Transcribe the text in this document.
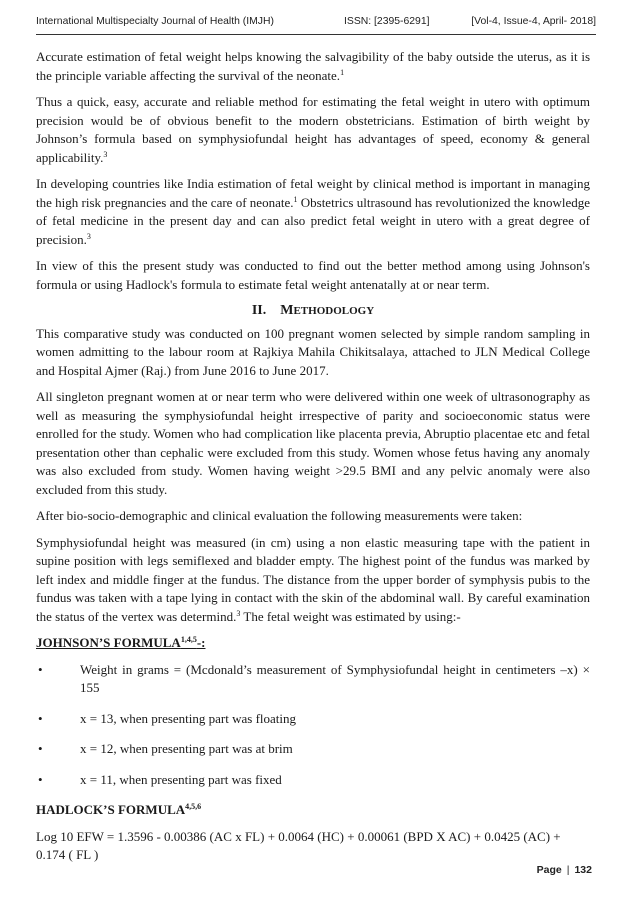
International Multispecialty Journal of Health (IMJH)	ISSN: [2395-6291]	[Vol-4, Issue-4, April- 2018]

Accurate estimation of fetal weight helps knowing the salvagibility of the baby outside the uterus, as it is the principle variable affecting the survival of the neonate.$^1$

Thus a quick, easy, accurate and reliable method for estimating the fetal weight in utero with optimum precision would be of obvious benefit to the modern obstetricians. Estimation of birth weight by Johnson’s formula based on symphysiofundal height has advantages of speed, economy & general applicability.$^3$

In developing countries like India estimation of fetal weight by clinical method is important in managing the high risk pregnancies and the care of neonate.$^1$ Obstetrics ultrasound has revolutionized the knowledge of fetal medicine in the present day and can also predict fetal weight in utero with a great degree of precision.$^3$

In view of this the present study was conducted to find out the better method among using Johnson's formula or using Hadlock's formula to estimate fetal weight antenatally at or near term.

II. METHODOLOGY

This comparative study was conducted on 100 pregnant women selected by simple random sampling in women admitting to the labour room at Rajkiya Mahila Chikitsalaya, attached to JLN Medical College and Hospital Ajmer (Raj.) from June 2016 to June 2017.

All singleton pregnant women at or near term who were delivered within one week of ultrasonography as well as measuring the symphysiofundal height irrespective of parity and socioeconomic status were enrolled for the study. Women who had complication like placenta previa, Abruptio placentae etc and fetal presentation other than cephalic were excluded from this study. Women whose fetus having any anomaly was also excluded from study. Women having weight >29.5 BMI and any pelvic anomaly were also excluded from this study.

After bio-socio-demographic and clinical evaluation the following measurements were taken:

Symphysiofundal height was measured (in cm) using a non elastic measuring tape with the patient in supine position with legs semiflexed and bladder empty. The highest point of the fundus was marked by left index and middle finger at the fundus. The distance from the upper border of symphysis pubis to the fundus was taken with a tape lying in contact with the skin of the abdominal wall. By careful examination the status of the vertex was determind.$^3$ The fetal weight was estimated by using:-

JOHNSON’S FORMULA$^{1,4,5}$-:
•	Weight in grams = (Mcdonald’s measurement of Symphysiofundal height in centimeters –x) × 155
•	x = 13, when presenting part was floating
•	x = 12, when presenting part was at brim
•	x = 11, when presenting part was fixed
HADLOCK’S FORMULA$^{4,5,6}$

Log 10 EFW = 1.3596 - 0.00386 (AC x FL) + 0.0064 (HC) + 0.00061 (BPD X AC) + 0.0425 (AC) + 0.174 ( FL )

Page | 132
